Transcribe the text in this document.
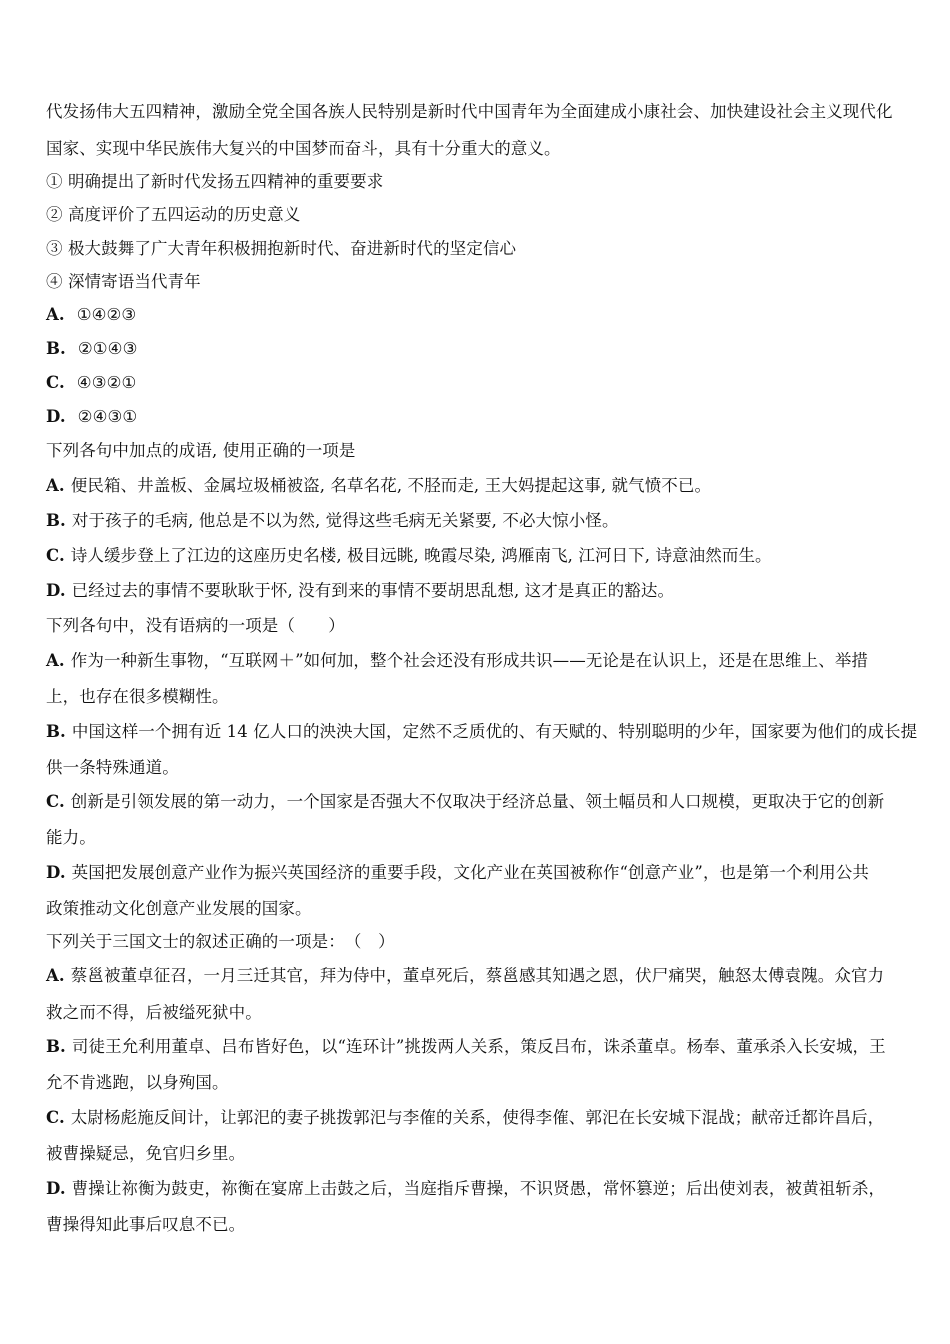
代发扬伟大五四精神，激励全党全国各族人民特别是新时代中国青年为全面建成小康社会、加快建设社会主义现代化
国家、实现中华民族伟大复兴的中国梦而奋斗，具有十分重大的意义。
① 明确提出了新时代发扬五四精神的重要要求
② 高度评价了五四运动的历史意义
③ 极大鼓舞了广大青年积极拥抱新时代、奋进新时代的坚定信心
④ 深情寄语当代青年
A. ①④②③
B. ②①④③
C. ④③②①
D. ②④③①
下列各句中加点的成语, 使用正确的一项是
A. 便民箱、井盖板、金属垃圾桶被盗, 名草名花, 不胫而走, 王大妈提起这事, 就气愤不已。
B. 对于孩子的毛病, 他总是不以为然, 觉得这些毛病无关紧要, 不必大惊小怪。
C. 诗人缓步登上了江边的这座历史名楼, 极目远眺, 晚霞尽染, 鸿雁南飞, 江河日下, 诗意油然而生。
D. 已经过去的事情不要耿耿于怀, 没有到来的事情不要胡思乱想, 这才是真正的豁达。
下列各句中，没有语病的一项是（　　）
A. 作为一种新生事物，“互联网＋”如何加，整个社会还没有形成共识——无论是在认识上，还是在思维上、举措
上，也存在很多模糊性。
B. 中国这样一个拥有近 14 亿人口的泱泱大国，定然不乏质优的、有天赋的、特别聪明的少年，国家要为他们的成长提
供一条特殊通道。
C. 创新是引领发展的第一动力，一个国家是否强大不仅取决于经济总量、领土幅员和人口规模，更取决于它的创新
能力。
D. 英国把发展创意产业作为振兴英国经济的重要手段，文化产业在英国被称作“创意产业”，也是第一个利用公共
政策推动文化创意产业发展的国家。
下列关于三国文士的叙述正确的一项是：　（　）
A. 蔡邕被董卓征召，一月三迁其官，拜为侍中，董卓死后，蔡邕感其知遇之恩，伏尸痛哭，触怒太傅袁隗。众官力
救之而不得，后被缢死狱中。
B. 司徒王允利用董卓、吕布皆好色，以“连环计”挑拨两人关系，策反吕布，诛杀董卓。杨奉、董承杀入长安城，王
允不肯逃跑，以身殉国。
C. 太尉杨彪施反间计，让郭汜的妻子挑拨郭汜与李傕的关系，使得李傕、郭汜在长安城下混战；献帝迁都许昌后，
被曹操疑忌，免官归乡里。
D. 曹操让祢衡为鼓吏，祢衡在宴席上击鼓之后，当庭指斥曹操，不识贤愚，常怀篡逆；后出使刘表，被黄祖斩杀，
曹操得知此事后叹息不已。
